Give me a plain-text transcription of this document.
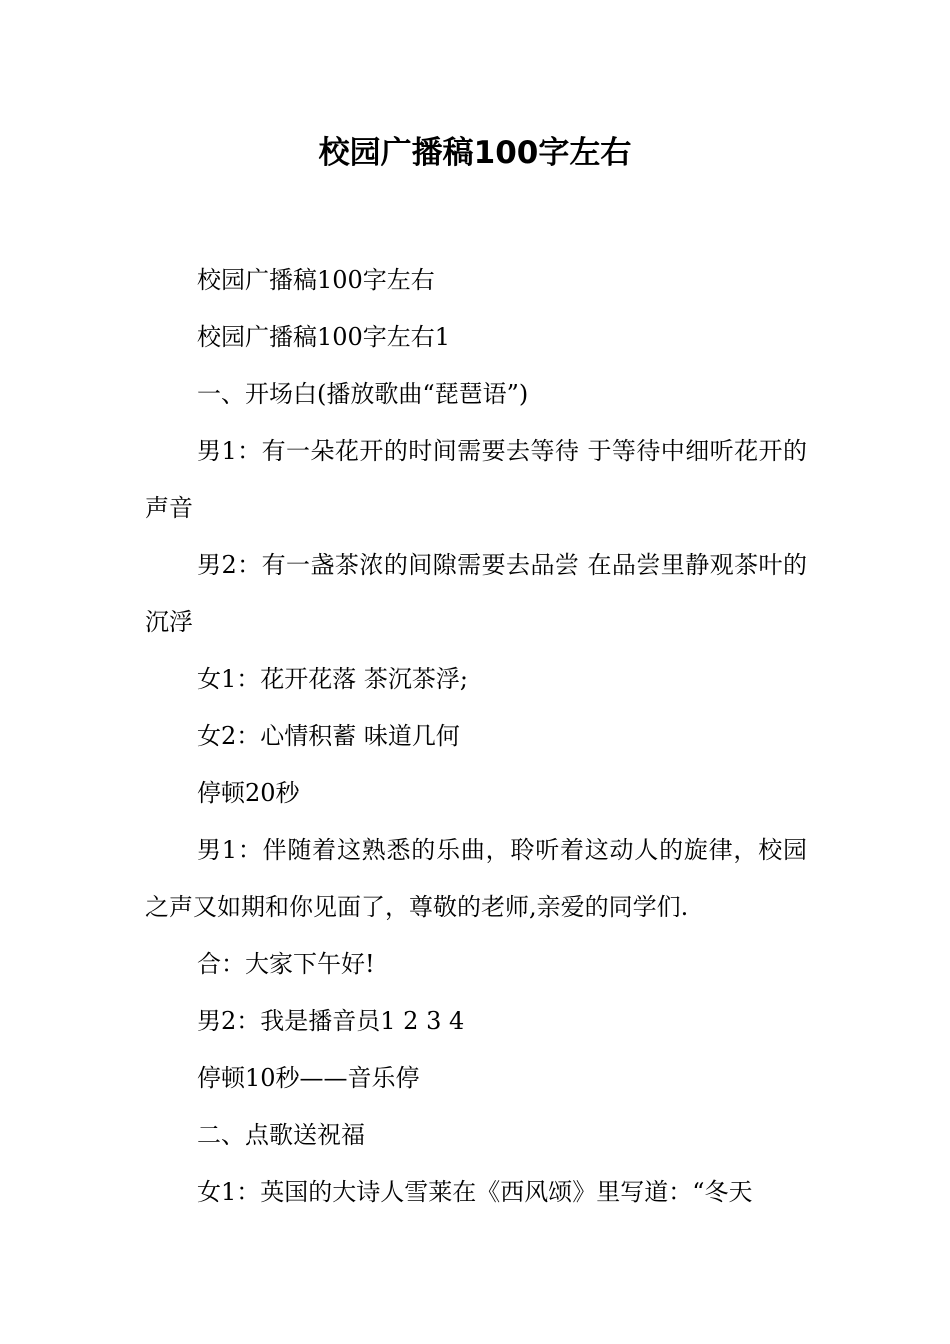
校园广播稿100字左右

校园广播稿100字左右

校园广播稿100字左右1

一、开场白(播放歌曲“琵琶语”)

男1：有一朵花开的时间需要去等待 于等待中细听花开的声音

男2：有一盏茶浓的间隙需要去品尝 在品尝里静观茶叶的沉浮

女1：花开花落 茶沉茶浮;

女2：心情积蓄 味道几何

停顿20秒

男1：伴随着这熟悉的乐曲，聆听着这动人的旋律，校园之声又如期和你见面了，尊敬的老师,亲爱的同学们.

合：大家下午好!

男2：我是播音员1 2 3 4

停顿10秒——音乐停

二、点歌送祝福

女1：英国的大诗人雪莱在《西风颂》里写道：“冬天
